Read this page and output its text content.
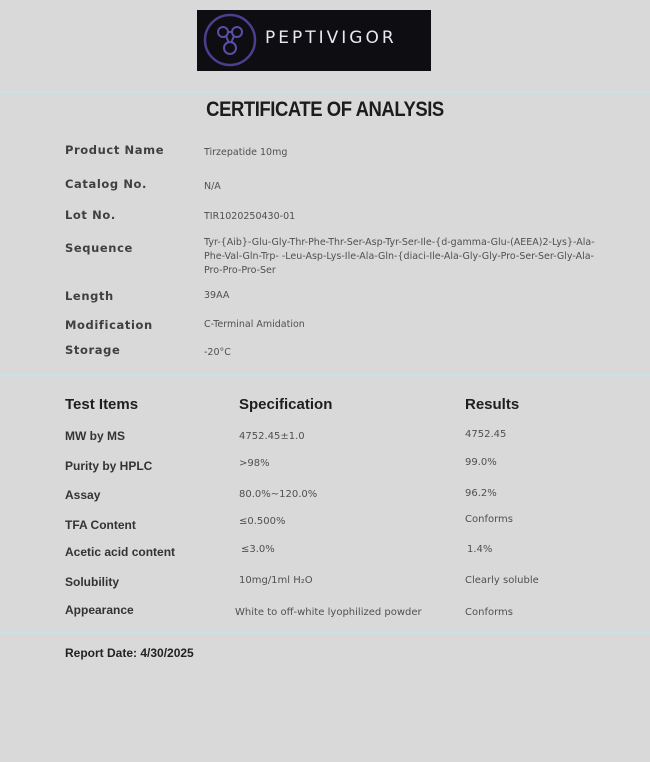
PEPTIVIGOR
CERTIFICATE OF ANALYSIS
Product Name	Tirzepatide 10mg
Catalog No.	N/A
Lot No.	TIR1020250430-01
Sequence	Tyr-{Aib}-Glu-Gly-Thr-Phe-Thr-Ser-Asp-Tyr-Ser-Ile-{d-gamma-Glu-(AEEA)2-Lys}-Ala-Phe-Val-Gln-Trp- -Leu-Asp-Lys-Ile-Ala-Gln-{diaci-Ile-Ala-Gly-Gly-Pro-Ser-Ser-Gly-Ala-Pro-Pro-Pro-Ser
Length	39AA
Modification	C-Terminal Amidation
Storage	-20°C
Test Items	Specification	Results
MW by MS	4752.45±1.0	4752.45
Purity by HPLC	>98%	99.0%
Assay	80.0%~120.0%	96.2%
TFA Content	≤0.500%	Conforms
Acetic acid content	≤3.0%	1.4%
Solubility	10mg/1ml H₂O	Clearly soluble
Appearance	White to off-white lyophilized powder	Conforms
Report Date: 4/30/2025
